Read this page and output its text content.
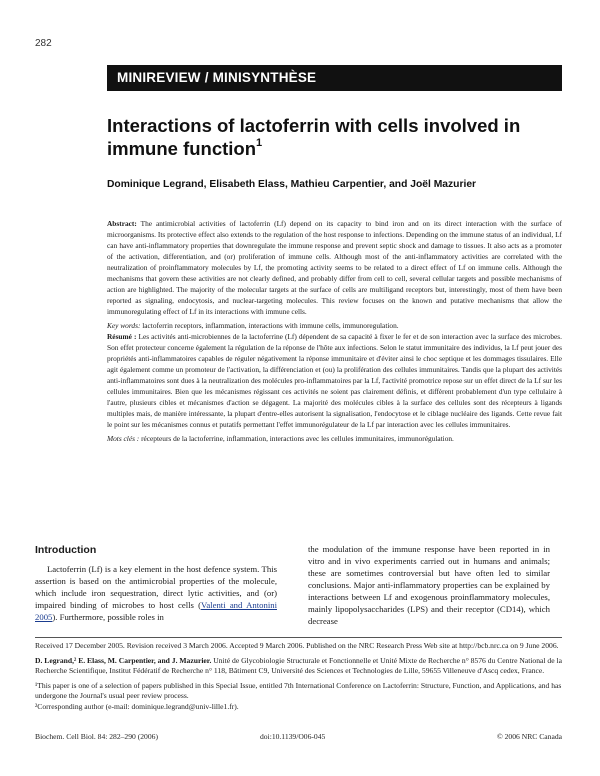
282
MINIREVIEW / MINISYNTHÈSE
Interactions of lactoferrin with cells involved in immune function$^1$
Dominique Legrand, Elisabeth Elass, Mathieu Carpentier, and Joël Mazurier

Abstract: The antimicrobial activities of lactoferrin (Lf) depend on its capacity to bind iron and on its direct interaction with the surface of microorganisms. Its protective effect also extends to the regulation of the host response to infections. Depending on the immune status of an individual, Lf can have anti-inflammatory properties that downregulate the immune response and prevent septic shock and damage to tissues. It also acts as a promoter of the activation, differentiation, and (or) proliferation of immune cells. Although most of the anti-inflammatory activities are correlated with the neutralization of proinflammatory molecules by Lf, the promoting activity seems to be related to a direct effect of Lf on immune cells. Although the mechanisms that govern these activities are not clearly defined, and probably differ from cell to cell, several cellular targets and possible mechanisms of action are highlighted. The majority of the molecular targets at the surface of cells are multiligand receptors but, interestingly, most of them have been reported as signaling, endocytosis, and nuclear-targeting molecules. This review focuses on the known and putative mechanisms that allow the immunoregulating effect of Lf in its interactions with immune cells.

Key words: lactoferrin receptors, inflammation, interactions with immune cells, immunoregulation.

Résumé : Les activités anti-microbiennes de la lactoferrine (Lf) dépendent de sa capacité à fixer le fer et de son interaction avec la surface des microbes. Son effet protecteur concerne également la régulation de la réponse de l'hôte aux infections. Selon le statut immunitaire des individus, la Lf peut jouer des propriétés anti-inflammatoires capables de réguler négativement la réponse immunitaire et d'éviter ainsi le choc septique et les dommages tissulaires. Elle agit également comme un promoteur de l'activation, la différenciation et (ou) la prolifération des cellules immunitaires. Tandis que la plupart des activités anti-inflammatoires sont dues à la neutralization des molécules pro-inflammatoires par la Lf, l'activité promotrice repose sur un effet direct de la Lf sur les cellules immunitaires. Bien que les mécanismes régissant ces activités ne soient pas clairement définis, et diffèrent probablement d'un type cellulaire à l'autre, plusieurs cibles et mécanismes d'action se dégagent. La majorité des molécules cibles à la surface des cellules sont des récepteurs à ligands multiples mais, de manière intéressante, la plupart d'entre-elles autorisent la signalisation, l'endocytose et le ciblage nucléaire des ligands. Cette revue fait le point sur les mécanismes connus et putatifs permettant l'effet immunorégulateur de la Lf par interaction avec les cellules immunitaires.

Mots clés : récepteurs de la lactoferrine, inflammation, interactions avec les cellules immunitaires, immunorégulation.

Introduction

Lactoferrin (Lf) is a key element in the host defence system. This assertion is based on the antimicrobial properties of the molecule, which include iron sequestration, direct lytic activities, and (or) impaired binding of microbes to host cells (Valenti and Antonini 2005). Furthermore, possible roles in

the modulation of the immune response have been reported in in vitro and in vivo experiments carried out in humans and animals; these are sometimes controversial but have often led to similar conclusions. Major anti-inflammatory properties can be explained by interactions between Lf and exogenous proinflammatory molecules, mainly lipopolysaccharides (LPS) and their receptor (CD14), which decrease

Received 17 December 2005. Revision received 3 March 2006. Accepted 9 March 2006. Published on the NRC Research Press Web site at http://bcb.nrc.ca on 9 June 2006.

D. Legrand,² E. Elass, M. Carpentier, and J. Mazurier. Unité de Glycobiologie Structurale et Fonctionnelle et Unité Mixte de Recherche n° 8576 du Centre National de la Recherche Scientifique, Institut Fédératif de Recherche n° 118, Bâtiment C9, Université des Sciences et Technologies de Lille, 59655 Villeneuve d'Ascq cedex, France.

¹This paper is one of a selection of papers published in this Special Issue, entitled 7th International Conference on Lactoferrin: Structure, Function, and Applications, and has undergone the Journal's usual peer review process.

²Corresponding author (e-mail: dominique.legrand@univ-lille1.fr).

Biochem. Cell Biol. 84: 282–290 (2006)	doi:10.1139/O06-045	© 2006 NRC Canada
